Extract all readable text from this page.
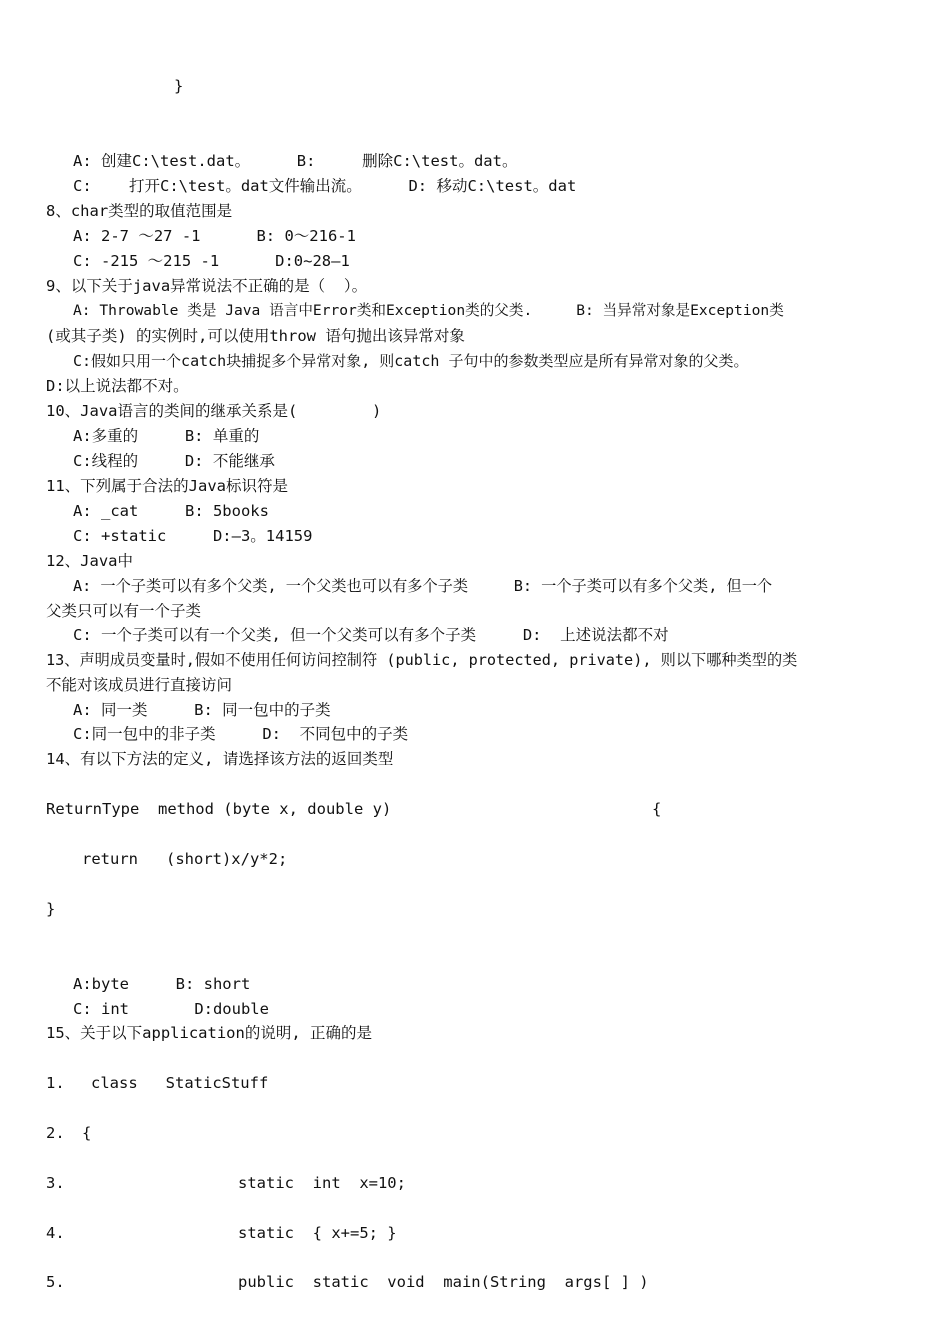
}
A: 创建C:\test.dat。     B:     删除C:\test。dat。
C:    打开C:\test。dat文件输出流。     D: 移动C:\test。dat
8、char类型的取值范围是
A: 2-7 ～27 -1      B: 0～216-1
C: -215 ～215 -1      D:0~28—1
9、以下关于java异常说法不正确的是（  ）。
A: Throwable 类是 Java 语言中Error类和Exception类的父类.     B: 当异常对象是Exception类
(或其子类) 的实例时,可以使用throw 语句抛出该异常对象
C:假如只用一个catch块捕捉多个异常对象, 则catch 子句中的参数类型应是所有异常对象的父类。
D:以上说法都不对。
10、Java语言的类间的继承关系是(        )
A:多重的     B: 单重的
C:线程的     D: 不能继承
11、下列属于合法的Java标识符是
A: _cat     B: 5books
C: +static     D:—3。14159
12、Java中
A: 一个子类可以有多个父类, 一个父类也可以有多个子类     B: 一个子类可以有多个父类, 但一个
父类只可以有一个子类
C: 一个子类可以有一个父类, 但一个父类可以有多个子类     D:  上述说法都不对
13、声明成员变量时,假如不使用任何访问控制符 (public, protected, private), 则以下哪种类型的类
不能对该成员进行直接访问
A: 同一类     B: 同一包中的子类
C:同一包中的非子类     D:  不同包中的子类
14、有以下方法的定义, 请选择该方法的返回类型
ReturnType  method (byte x, double y)	{
return   (short)x/y*2;
}
A:byte     B: short
C: int       D:double
15、关于以下application的说明, 正确的是
1. class   StaticStuff
2. {
3.	static  int  x=10;
4.	static  { x+=5; }
5.	public  static  void  main(String  args[ ] )
